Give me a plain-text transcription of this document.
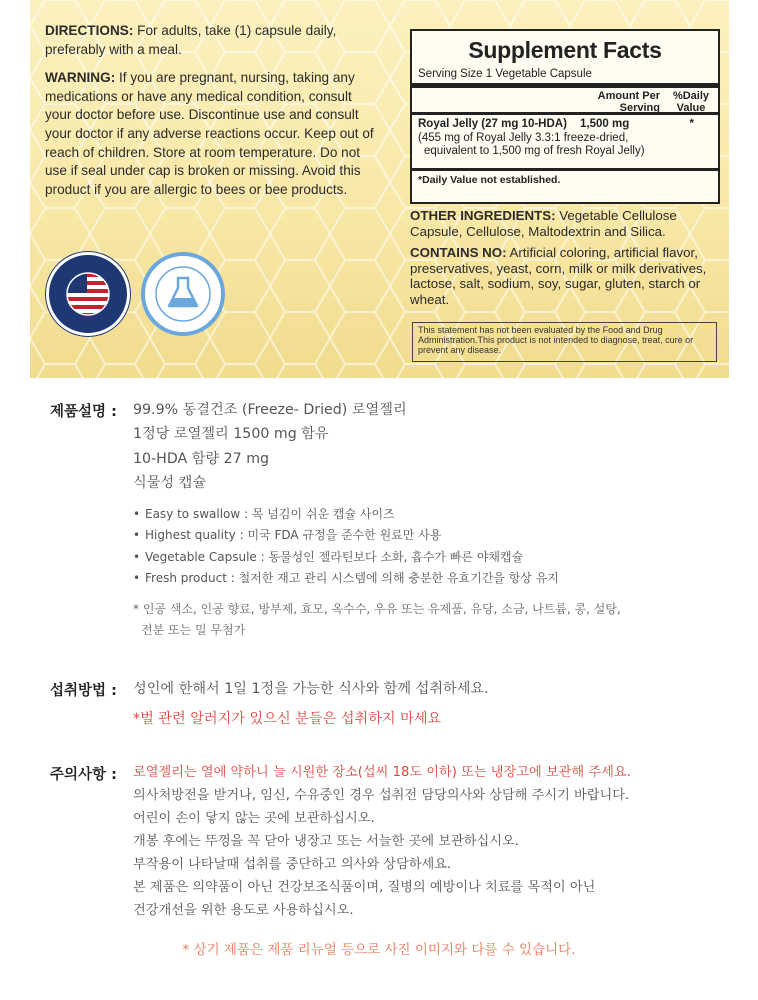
DIRECTIONS: For adults, take (1) capsule daily, preferably with a meal.

WARNING: If you are pregnant, nursing, taking any medications or have any medical condition, consult your doctor before use. Discontinue use and consult your doctor if any adverse reactions occur. Keep out of reach of children. Store at room temperature. Do not use if seal under cap is broken or missing. Avoid this product if you are allergic to bees or bee products.

Supplement Facts
Serving Size 1 Vegetable Capsule
Amount Per Serving
%Daily Value
Royal Jelly (27 mg 10-HDA)	1,500 mg	*
(455 mg of Royal Jelly 3.3:1 freeze-dried,
equivalent to 1,500 mg of fresh Royal Jelly)
*Daily Value not established.

OTHER INGREDIENTS: Vegetable Cellulose Capsule, Cellulose, Maltodextrin and Silica.

CONTAINS NO: Artificial coloring, artificial flavor, preservatives, yeast, corn, milk or milk derivatives, lactose, salt, sodium, soy, sugar, gluten, starch or wheat.

This statement has not been evaluated by the Food and Drug Administration.This product is not intended to diagnose, treat, cure or prevent any disease.
제품설명 :	99.9% 동결건조 (Freeze- Dried) 로열젤리
1정당 로열젤리 1500 mg 함유
10-HDA 함량 27 mg
식물성 캡슐
• Easy to swallow : 목 넘김이 쉬운 캡슐 사이즈
• Highest quality : 미국 FDA 규정을 준수한 원료만 사용
• Vegetable Capsule : 동물성인 젤라틴보다 소화, 흡수가 빠른 야채캡슐
• Fresh product : 철저한 재고 관리 시스템에 의해 충분한 유효기간을 항상 유지
* 인공 색소, 인공 향료, 방부제, 효모, 옥수수, 우유 또는 유제품, 유당, 소금, 나트륨, 콩, 설탕,
전분 또는 밀 무첨가
섭취방법 :	성인에 한해서 1일 1정을 가능한 식사와 함께 섭취하세요.
*벌 관련 알러지가 있으신 분들은 섭취하지 마세요
주의사항 :	로열젤리는 열에 약하니 늘 시원한 장소(섭씨 18도 이하) 또는 냉장고에 보관해 주세요.
의사처방전을 받거나, 임신, 수유중인 경우 섭취전 담당의사와 상담해 주시기 바랍니다.
어린이 손이 닿지 않는 곳에 보관하십시오.
개봉 후에는 뚜껑을 꼭 닫아 냉장고 또는 서늘한 곳에 보관하십시오.
부작용이 나타날때 섭취를 중단하고 의사와 상담하세요.
본 제품은 의약품이 아닌 건강보조식품이며, 질병의 예방이나 치료를 목적이 아닌
건강개선을 위한 용도로 사용하십시오.
* 상기 제품은 제품 리뉴얼 등으로 사진 이미지와 다를 수 있습니다.
